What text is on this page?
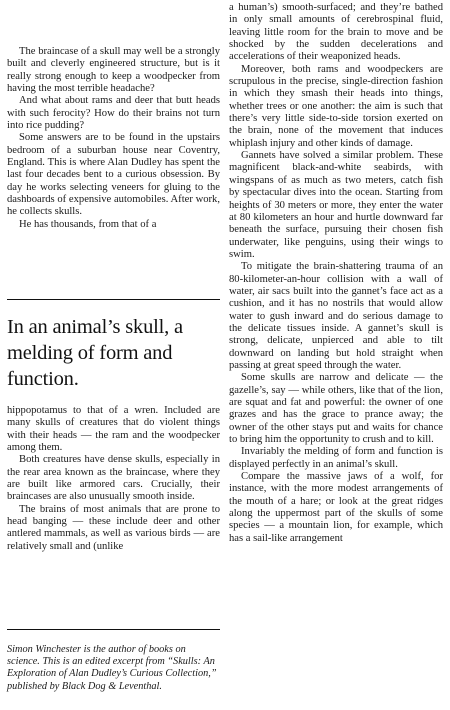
The braincase of a skull may well be a strongly built and cleverly engineered structure, but is it really strong enough to keep a woodpecker from having the most terrible headache?

And what about rams and deer that butt heads with such ferocity? How do their brains not turn into rice pudding?

Some answers are to be found in the upstairs bedroom of a suburban house near Coventry, England. This is where Alan Dudley has spent the last four decades bent to a curious obsession. By day he works selecting veneers for gluing to the dashboards of expensive automobiles. After work, he collects skulls.

He has thousands, from that of a

In an animal’s skull, a melding of form and function.

hippopotamus to that of a wren. Included are many skulls of creatures that do violent things with their heads — the ram and the woodpecker among them.

Both creatures have dense skulls, especially in the rear area known as the braincase, where they are built like armored cars. Crucially, their braincases are also unusually smooth inside.

The brains of most animals that are prone to head banging — these include deer and other antlered mammals, as well as various birds — are relatively small and (unlike

Simon Winchester is the author of books on science. This is an edited excerpt from “Skulls: An Exploration of Alan Dudley’s Curious Collection,” published by Black Dog & Leventhal.

a human’s) smooth-surfaced; and they’re bathed in only small amounts of cerebrospinal fluid, leaving little room for the brain to move and be shocked by the sudden decelerations and accelerations of their weaponized heads.

Moreover, both rams and woodpeckers are scrupulous in the precise, single-direction fashion in which they smash their heads into things, whether trees or one another: the aim is such that there’s very little side-to-side torsion exerted on the brain, none of the movement that induces whiplash injury and other kinds of damage.

Gannets have solved a similar problem. These magnificent black-and-white seabirds, with wingspans of as much as two meters, catch fish by spectacular dives into the ocean. Starting from heights of 30 meters or more, they enter the water at 80 kilometers an hour and hurtle downward far beneath the surface, pursuing their chosen fish underwater, like penguins, using their wings to swim.

To mitigate the brain-shattering trauma of an 80-kilometer-an-hour collision with a wall of water, air sacs built into the gannet’s face act as a cushion, and it has no nostrils that would allow water to gush inward and do serious damage to the delicate tissues inside. A gannet’s skull is strong, delicate, unpierced and able to tilt downward on landing but hold straight when passing at great speed through the water.

Some skulls are narrow and delicate — the gazelle’s, say — while others, like that of the lion, are squat and fat and powerful: the owner of one grazes and has the grace to prance away; the owner of the other stays put and waits for chance to bring him the opportunity to crush and to kill.

Invariably the melding of form and function is displayed perfectly in an animal’s skull.

Compare the massive jaws of a wolf, for instance, with the more modest arrangements of the mouth of a hare; or look at the great ridges along the uppermost part of the skulls of some species — a mountain lion, for example, which has a sail-like arrangement
